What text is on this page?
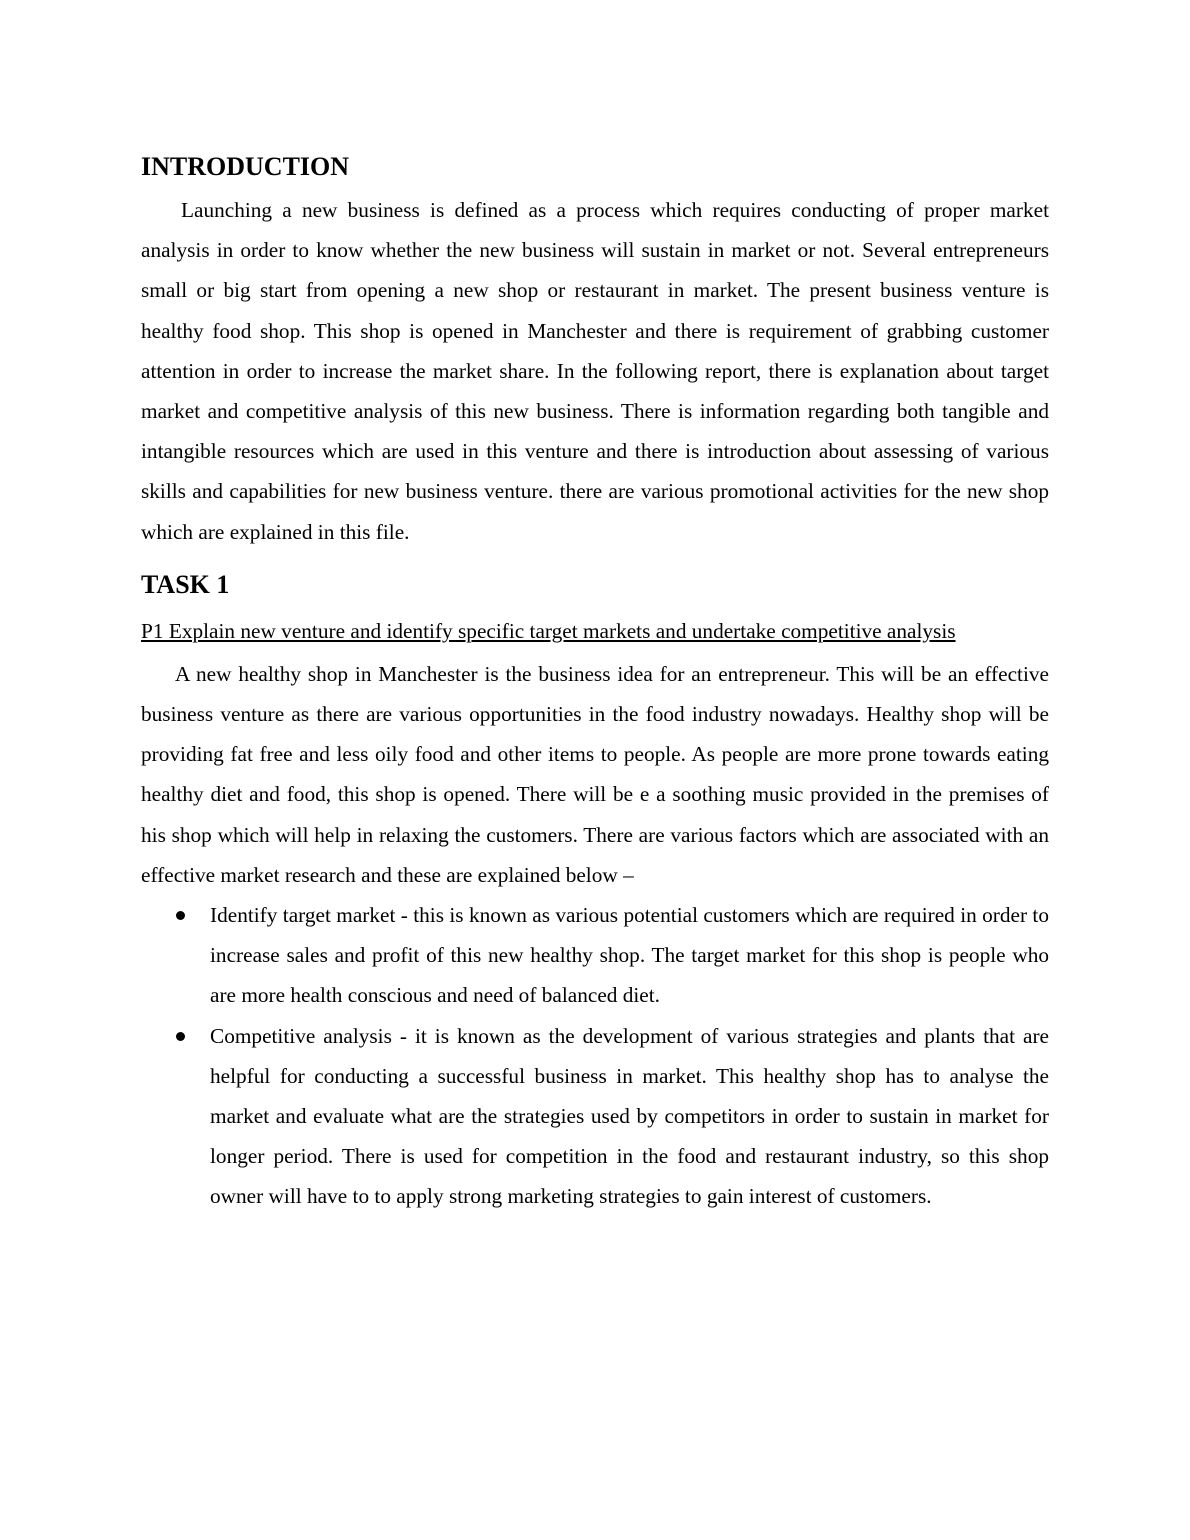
INTRODUCTION

Launching a new business is defined as a process which requires conducting of proper market analysis in order to know whether the new business will sustain in market or not. Several entrepreneurs small or big start from opening a new shop or restaurant in market. The present business venture is healthy food shop. This shop is opened in Manchester and there is requirement of grabbing customer attention in order to increase the market share. In the following report, there is explanation about target market and competitive analysis of this new business. There is information regarding both tangible and intangible resources which are used in this venture and there is introduction about assessing of various skills and capabilities for new business venture. there are various promotional activities for the new shop which are explained in this file.

TASK 1

P1 Explain new venture and identify specific target markets and undertake competitive analysis

A new healthy shop in Manchester is the business idea for an entrepreneur. This will be an effective business venture as there are various opportunities in the food industry nowadays. Healthy shop will be providing fat free and less oily food and other items to people. As people are more prone towards eating healthy diet and food, this shop is opened. There will be e a soothing music provided in the premises of his shop which will help in relaxing the customers. There are various factors which are associated with an effective market research and these are explained below –

Identify target market - this is known as various potential customers which are required in order to increase sales and profit of this new healthy shop. The target market for this shop is people who are more health conscious and need of balanced diet.

Competitive analysis - it is known as the development of various strategies and plants that are helpful for conducting a successful business in market. This healthy shop has to analyse the market and evaluate what are the strategies used by competitors in order to sustain in market for longer period. There is used for competition in the food and restaurant industry, so this shop owner will have to to apply strong marketing strategies to gain interest of customers.
